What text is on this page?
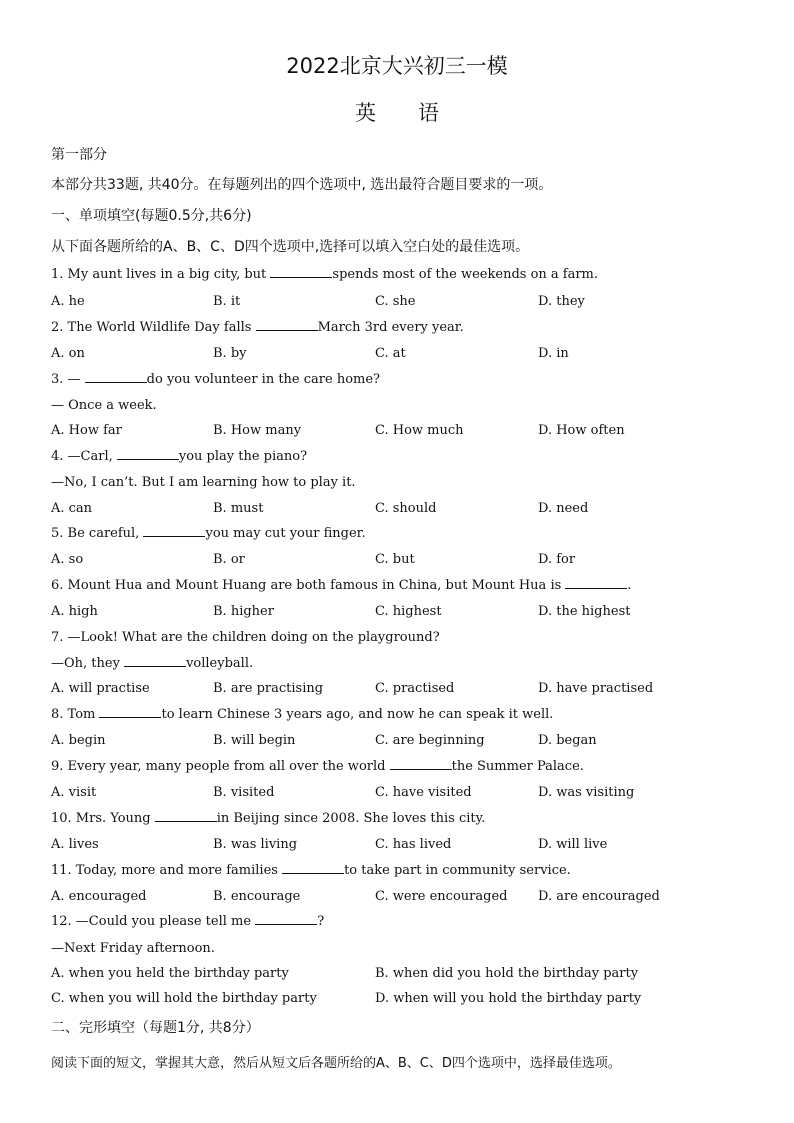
2022北京大兴初三一模
英　　语
第一部分
本部分共33题, 共40分。在每题列出的四个选项中, 选出最符合题目要求的一项。
一、单项填空(每题0.5分,共6分)
从下面各题所给的A、B、C、D四个选项中,选择可以填入空白处的最佳选项。
1. My aunt lives in a big city, but	spends most of the weekends on a farm.
A. he	B. it	C. she	D. they
2. The World Wildlife Day falls	March 3rd every year.
A. on	B. by	C. at	D. in
3. —	do you volunteer in the care home?
— Once a week.
A. How far	B. How many	C. How much	D. How often
4. —Carl,	you play the piano?
—No, I can’t. But I am learning how to play it.
A. can	B. must	C. should	D. need
5. Be careful,	you may cut your finger.
A. so	B. or	C. but	D. for
6. Mount Hua and Mount Huang are both famous in China, but Mount Hua is	.
A. high	B. higher	C. highest	D. the highest
7. —Look! What are the children doing on the playground?
—Oh, they	volleyball.
A. will practise	B. are practising	C. practised	D. have practised
8. Tom	to learn Chinese 3 years ago, and now he can speak it well.
A. begin	B. will begin	C. are beginning	D. began
9. Every year, many people from all over the world	the Summer Palace.
A. visit	B. visited	C. have visited	D. was visiting
10. Mrs. Young	in Beijing since 2008. She loves this city.
A. lives	B. was living	C. has lived	D. will live
11. Today, more and more families	to take part in community service.
A. encouraged	B. encourage	C. were encouraged D. are encouraged
12. —Could you please tell me	?
—Next Friday afternoon.
A. when you held the birthday party	B. when did you hold the birthday party
C. when you will hold the birthday party	D. when will you hold the birthday party
二、完形填空（每题1分, 共8分）
阅读下面的短文，掌握其大意，然后从短文后各题所给的A、B、C、D四个选项中，选择最佳选项。
